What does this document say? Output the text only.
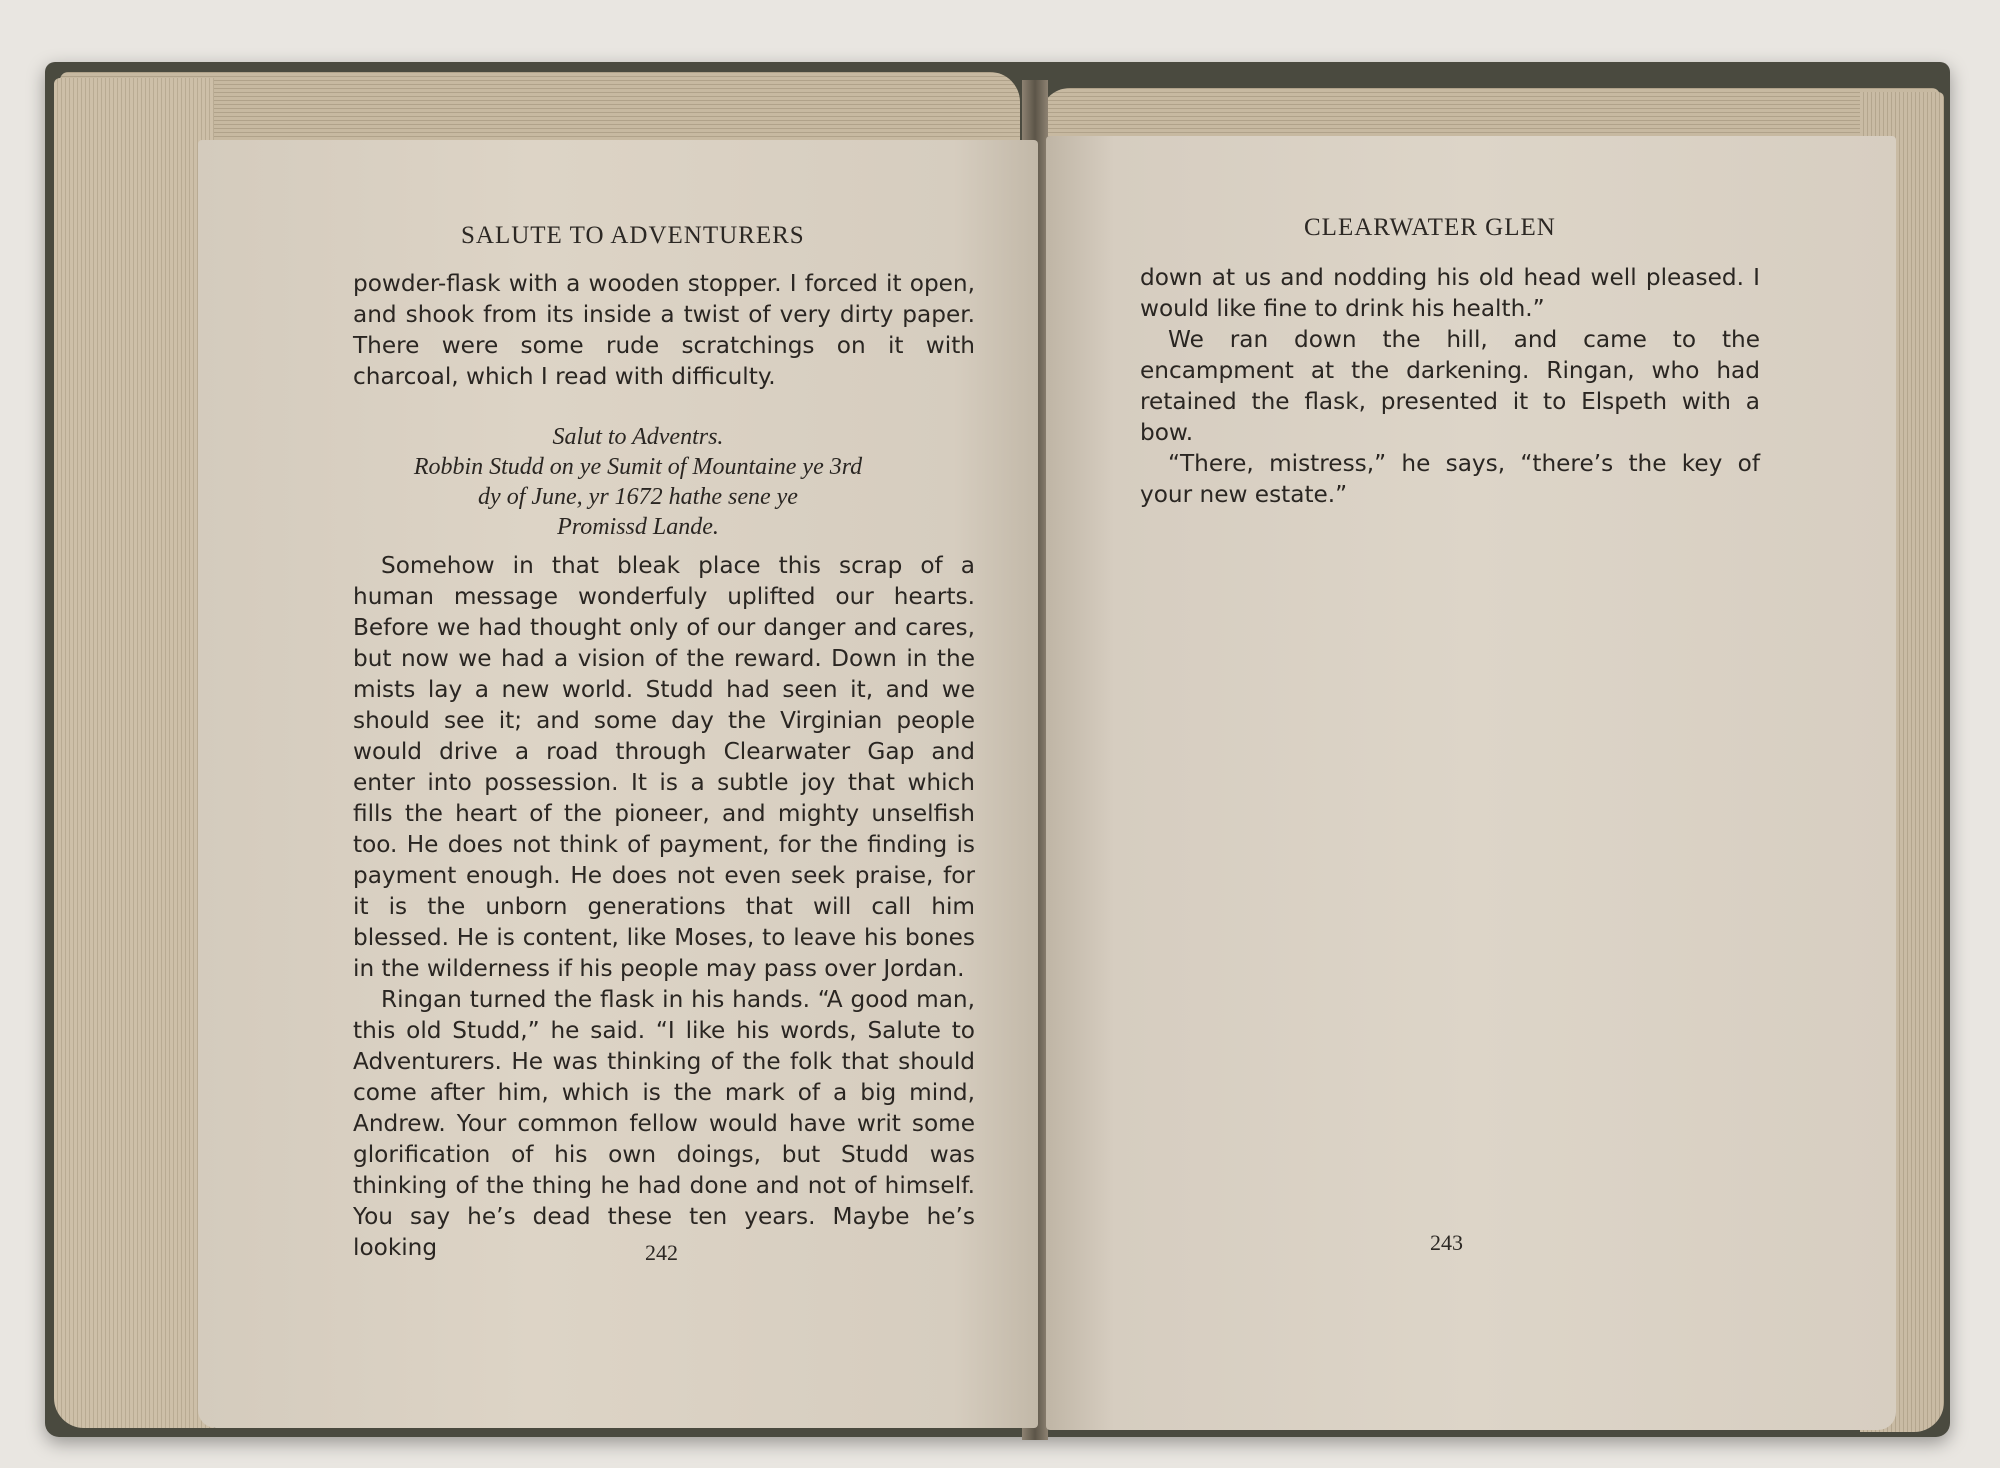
SALUTE TO ADVENTURERS

powder-flask with a wooden stopper. I forced it open, and shook from its inside a twist of very dirty paper. There were some rude scratchings on it with charcoal, which I read with difficulty.

Salut to Adventrs.
Robbin Studd on ye Sumit of Mountaine ye 3rd
dy of June, yr 1672 hathe sene ye
Promissd Lande.

Somehow in that bleak place this scrap of a human message wonderfuly uplifted our hearts. Before we had thought only of our danger and cares, but now we had a vision of the reward. Down in the mists lay a new world. Studd had seen it, and we should see it; and some day the Virginian people would drive a road through Clearwater Gap and enter into possession. It is a subtle joy that which fills the heart of the pioneer, and mighty unselfish too. He does not think of payment, for the finding is payment enough. He does not even seek praise, for it is the unborn generations that will call him blessed. He is content, like Moses, to leave his bones in the wilderness if his people may pass over Jordan.

Ringan turned the flask in his hands. “A good man, this old Studd,” he said. “I like his words, Salute to Adventurers. He was thinking of the folk that should come after him, which is the mark of a big mind, Andrew. Your common fellow would have writ some glorification of his own doings, but Studd was thinking of the thing he had done and not of himself. You say he’s dead these ten years. Maybe he’s looking	242
CLEARWATER GLEN

down at us and nodding his old head well pleased. I would like fine to drink his health.”

We ran down the hill, and came to the encampment at the darkening. Ringan, who had retained the flask, presented it to Elspeth with a bow.

“There, mistress,” he says, “there’s the key of your new estate.”

243
